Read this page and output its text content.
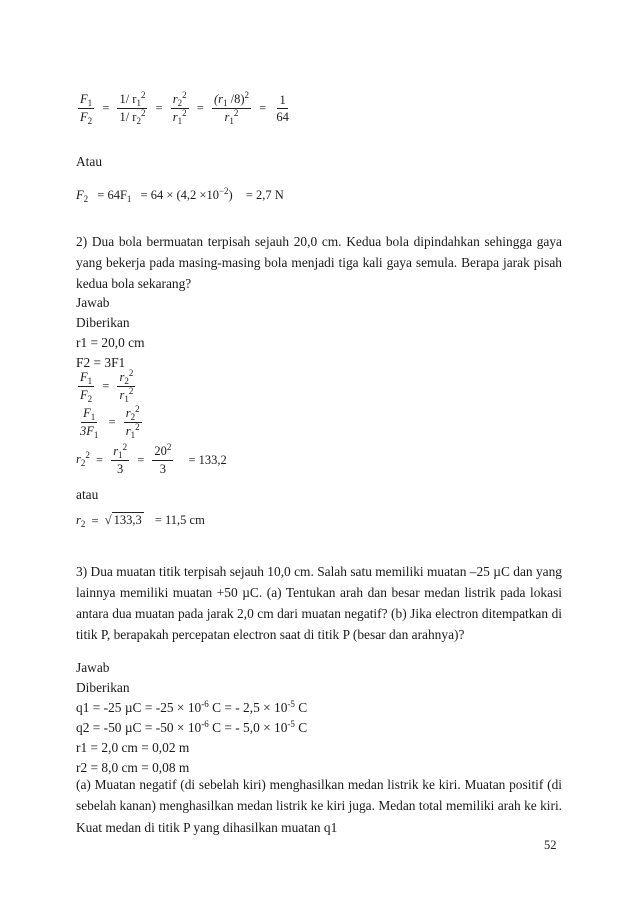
$\frac{F_1}{F_2} = \frac{1/ r_1^2}{1/ r_2^2} = \frac{r_2^2}{r_1^2} = \frac{(r_1 /8)^2}{r_1^2} = \frac{1}{64}$
Atau
$F_2 = 64F_1 = 64 \times (4,2 \times 10^{-2}) = 2,7$ N
2) Dua bola bermuatan terpisah sejauh 20,0 cm. Kedua bola dipindahkan sehingga gaya yang bekerja pada masing-masing bola menjadi tiga kali gaya semula. Berapa jarak pisah kedua bola sekarang?
Jawab
Diberikan
r1 = 20,0 cm
F2 = 3F1
$\frac{F_1}{F_2} = \frac{r_2^2}{r_1^2}$
$\frac{F_1}{3F_1} = \frac{r_2^2}{r_1^2}$
$r_2^2 = \frac{r_1^2}{3} = \frac{20^2}{3} = 133,2$
atau
$r_2$ = √ 133,3 = 11,5 cm
3) Dua muatan titik terpisah sejauh 10,0 cm. Salah satu memiliki muatan –25 µC dan yang lainnya memiliki muatan +50 µC. (a) Tentukan arah dan besar medan listrik pada lokasi antara dua muatan pada jarak 2,0 cm dari muatan negatif? (b) Jika electron ditempatkan di titik P, berapakah percepatan electron saat di titik P (besar dan arahnya)?
Jawab
Diberikan
q1 = -25 $\mu C = -25 \times 10^{-6}$ C = - $2,5 \times 10^{-5}$ C
q2 = -50 $\mu C = -50 \times 10^{-6}$ C = - $5,0 \times 10^{-5}$ C
r1 = 2,0 cm = 0,02 m
r2 = 8,0 cm = 0,08 m
(a) Muatan negatif (di sebelah kiri) menghasilkan medan listrik ke kiri. Muatan positif (di sebelah kanan) menghasilkan medan listrik ke kiri juga. Medan total memiliki arah ke kiri.
Kuat medan di titik P yang dihasilkan muatan q1
52
